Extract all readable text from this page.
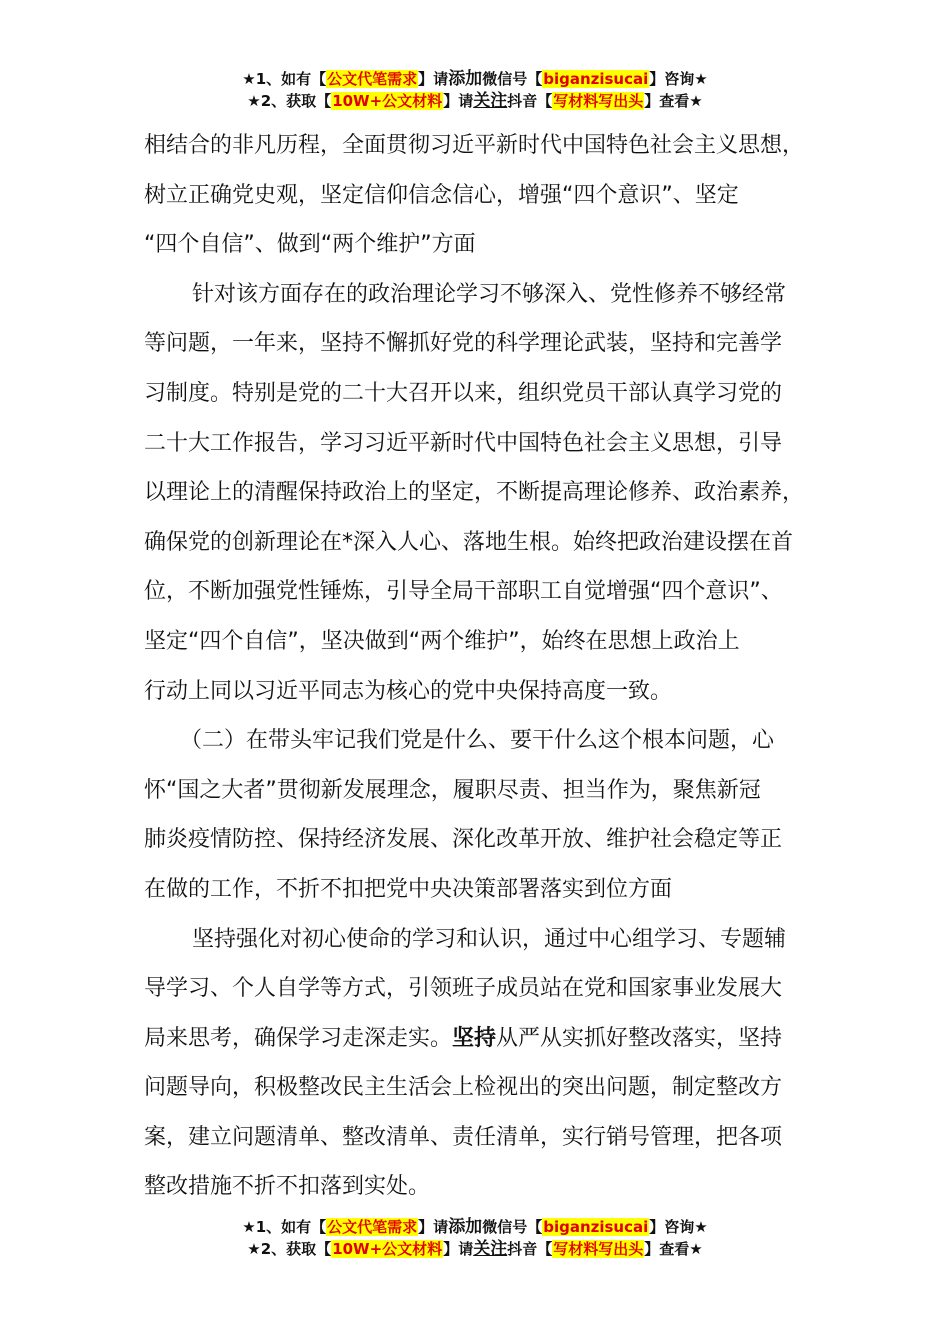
★1、如有【公文代笔需求】请添加微信号【biganzisucai】咨询★
★2、获取【10W+公文材料】请关注抖音【写材料写出头】查看★

相结合的非凡历程，全面贯彻习近平新时代中国特色社会主义思想，

树立正确党史观，坚定信仰信念信心，增强“四个意识”、坚定

“四个自信”、做到“两个维护”方面

针对该方面存在的政治理论学习不够深入、党性修养不够经常

等问题，一年来，坚持不懈抓好党的科学理论武装，坚持和完善学

习制度。特别是党的二十大召开以来，组织党员干部认真学习党的

二十大工作报告，学习习近平新时代中国特色社会主义思想，引导

以理论上的清醒保持政治上的坚定，不断提高理论修养、政治素养，

确保党的创新理论在*深入人心、落地生根。始终把政治建设摆在首

位，不断加强党性锤炼，引导全局干部职工自觉增强“四个意识”、

坚定“四个自信”，坚决做到“两个维护”，始终在思想上政治上

行动上同以习近平同志为核心的党中央保持高度一致。

（二）在带头牢记我们党是什么、要干什么这个根本问题，心

怀“国之大者”贯彻新发展理念，履职尽责、担当作为，聚焦新冠

肺炎疫情防控、保持经济发展、深化改革开放、维护社会稳定等正

在做的工作，不折不扣把党中央决策部署落实到位方面

坚持强化对初心使命的学习和认识，通过中心组学习、专题辅

导学习、个人自学等方式，引领班子成员站在党和国家事业发展大

局来思考，确保学习走深走实。坚持从严从实抓好整改落实，坚持

问题导向，积极整改民主生活会上检视出的突出问题，制定整改方

案，建立问题清单、整改清单、责任清单，实行销号管理，把各项

整改措施不折不扣落到实处。

★1、如有【公文代笔需求】请添加微信号【biganzisucai】咨询★
★2、获取【10W+公文材料】请关注抖音【写材料写出头】查看★
